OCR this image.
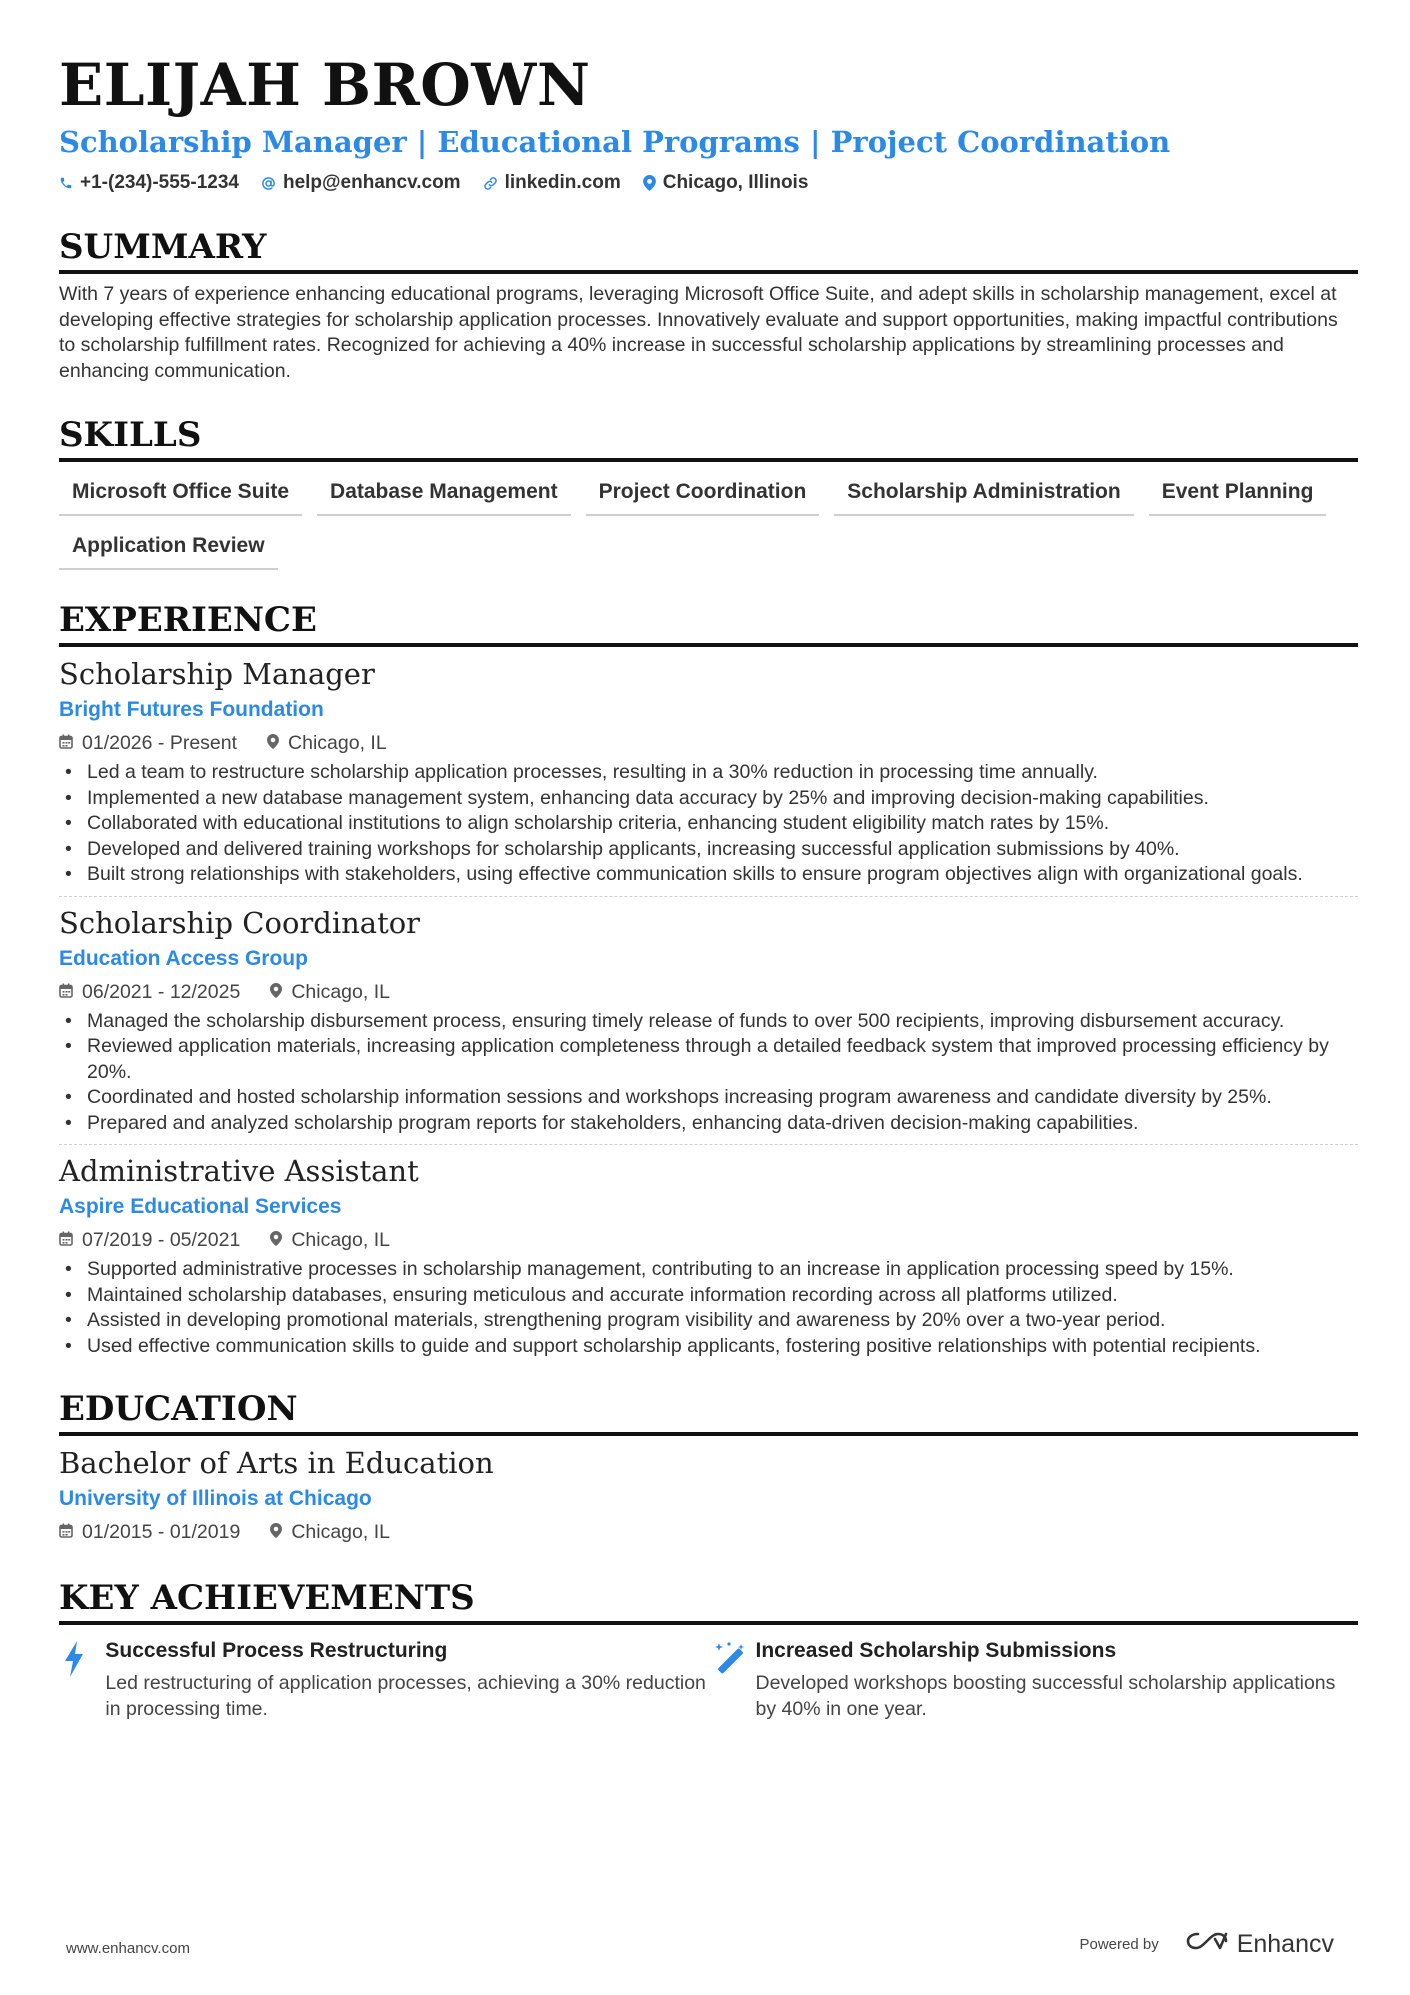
ELIJAH BROWN
Scholarship Manager | Educational Programs | Project Coordination
+1-(234)-555-1234 help@enhancv.com linkedin.com Chicago, Illinois
SUMMARY
With 7 years of experience enhancing educational programs, leveraging Microsoft Office Suite, and adept skills in scholarship management, excel at developing effective strategies for scholarship application processes. Innovatively evaluate and support opportunities, making impactful contributions to scholarship fulfillment rates. Recognized for achieving a 40% increase in successful scholarship applications by streamlining processes and enhancing communication.
SKILLS
Microsoft Office Suite	Database Management	Project Coordination	Scholarship Administration	Event Planning
Application Review
EXPERIENCE
Scholarship Manager
Bright Futures Foundation
01/2026 - Present	Chicago, IL
• Led a team to restructure scholarship application processes, resulting in a 30% reduction in processing time annually.
• Implemented a new database management system, enhancing data accuracy by 25% and improving decision-making capabilities.
• Collaborated with educational institutions to align scholarship criteria, enhancing student eligibility match rates by 15%.
• Developed and delivered training workshops for scholarship applicants, increasing successful application submissions by 40%.
• Built strong relationships with stakeholders, using effective communication skills to ensure program objectives align with organizational goals.
Scholarship Coordinator
Education Access Group
06/2021 - 12/2025	Chicago, IL
• Managed the scholarship disbursement process, ensuring timely release of funds to over 500 recipients, improving disbursement accuracy.
• Reviewed application materials, increasing application completeness through a detailed feedback system that improved processing efficiency by 20%.
• Coordinated and hosted scholarship information sessions and workshops increasing program awareness and candidate diversity by 25%.
• Prepared and analyzed scholarship program reports for stakeholders, enhancing data-driven decision-making capabilities.
Administrative Assistant
Aspire Educational Services
07/2019 - 05/2021	Chicago, IL
• Supported administrative processes in scholarship management, contributing to an increase in application processing speed by 15%.
• Maintained scholarship databases, ensuring meticulous and accurate information recording across all platforms utilized.
• Assisted in developing promotional materials, strengthening program visibility and awareness by 20% over a two-year period.
• Used effective communication skills to guide and support scholarship applicants, fostering positive relationships with potential recipients.
EDUCATION
Bachelor of Arts in Education
University of Illinois at Chicago
01/2015 - 01/2019	Chicago, IL
KEY ACHIEVEMENTS
Successful Process Restructuring
Led restructuring of application processes, achieving a 30% reduction in processing time.
Increased Scholarship Submissions
Developed workshops boosting successful scholarship applications by 40% in one year.
www.enhancv.com	Powered by	Enhancv
